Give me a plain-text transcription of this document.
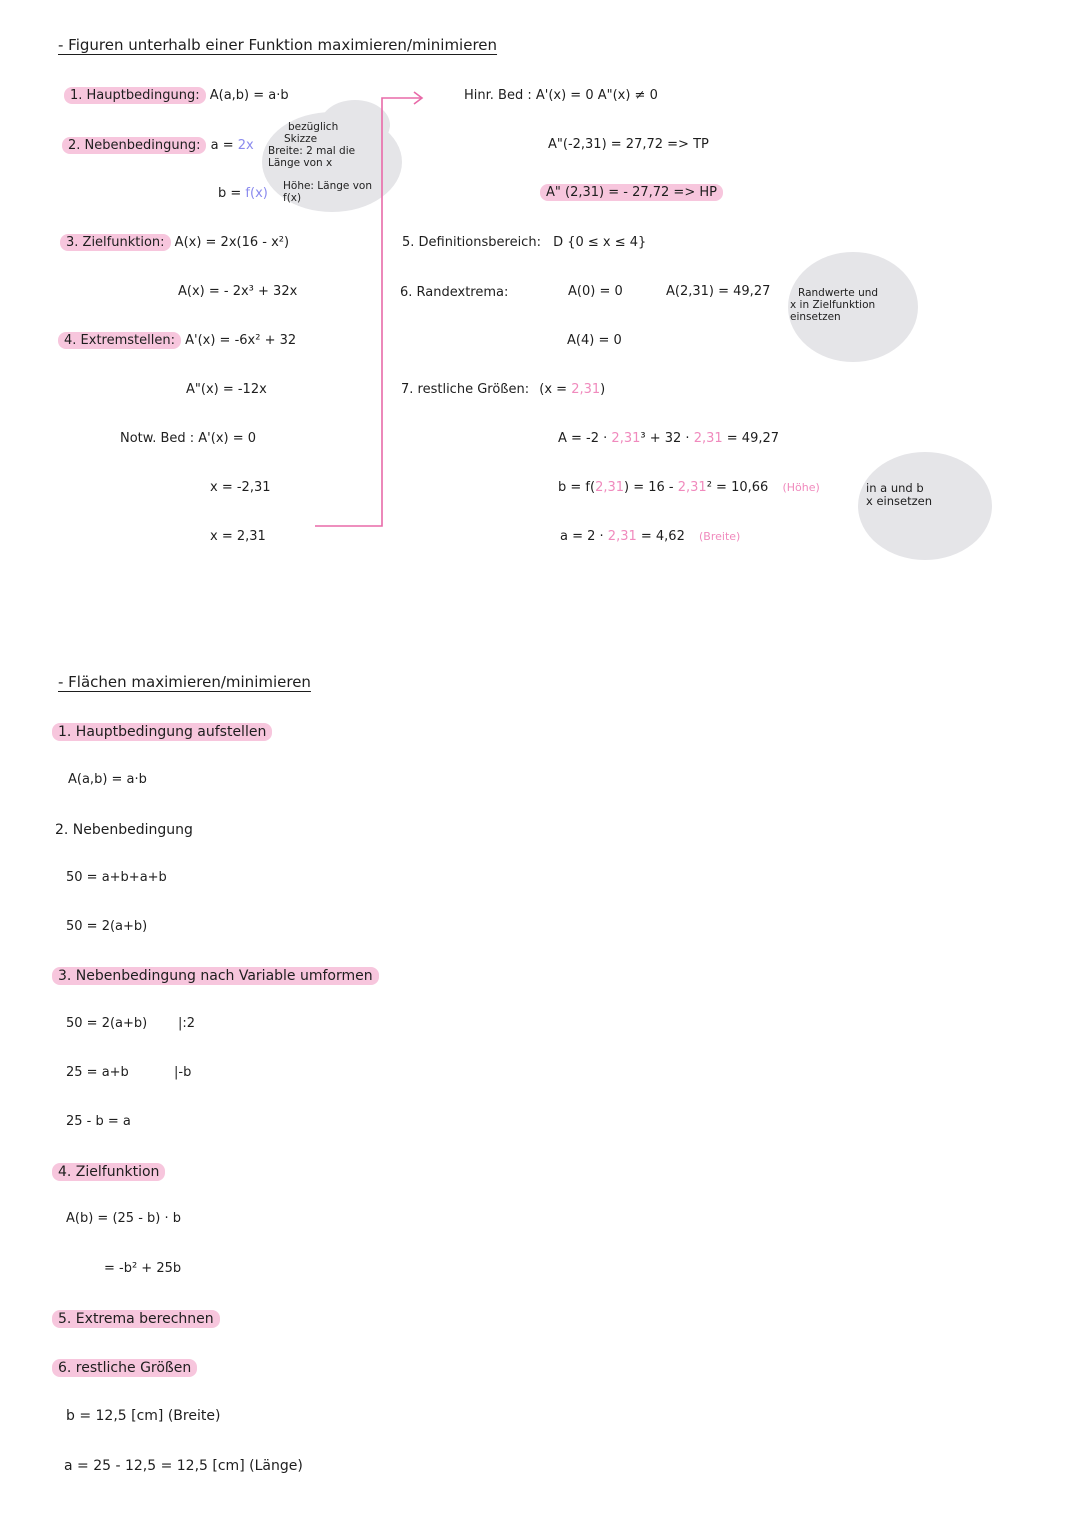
- Figuren unterhalb einer Funktion maximieren/minimieren
1. Hauptbedingung: A(a,b) = a·b
bezüglich
Skizze
Breite: 2 mal die
Länge von x
2. Nebenbedingung: a = 2x
b = f(x) Höhe: Länge von
f(x)
3. Zielfunktion: A(x) = 2x(16 - x²)
A(x) = - 2x³ + 32x
4. Extremstellen: A'(x) = -6x² + 32
A"(x) = -12x
Notw. Bed : A'(x) = 0
x = -2,31
x = 2,31
Hinr. Bed : A'(x) = 0 A"(x) ≠ 0
A"(-2,31) = 27,72 => TP
A" (2,31) = - 27,72 => HP
5. Definitionsbereich: D {0 ≤ x ≤ 4}
6. Randextrema:	A(0) = 0	A(2,31) = 49,27
A(4) = 0
Randwerte und
x in Zielfunktion
einsetzen
7. restliche Größen: (x = 2,31)
A = -2 · 2,31³ + 32 · 2,31 = 49,27
b = f(2,31) = 16 - 2,31² = 10,66 (Höhe)	in a und b
x einsetzen
a = 2 · 2,31 = 4,62 (Breite)
- Flächen maximieren/minimieren
1. Hauptbedingung aufstellen
A(a,b) = a·b
2. Nebenbedingung
50 = a+b+a+b
50 = 2(a+b)
3. Nebenbedingung nach Variable umformen
50 = 2(a+b) |:2
25 = a+b	|-b
25 - b = a
4. Zielfunktion
A(b) = (25 - b) · b
= -b² + 25b
5. Extrema berechnen
6. restliche Größen
b = 12,5 [cm] (Breite)
a = 25 - 12,5 = 12,5 [cm] (Länge)
